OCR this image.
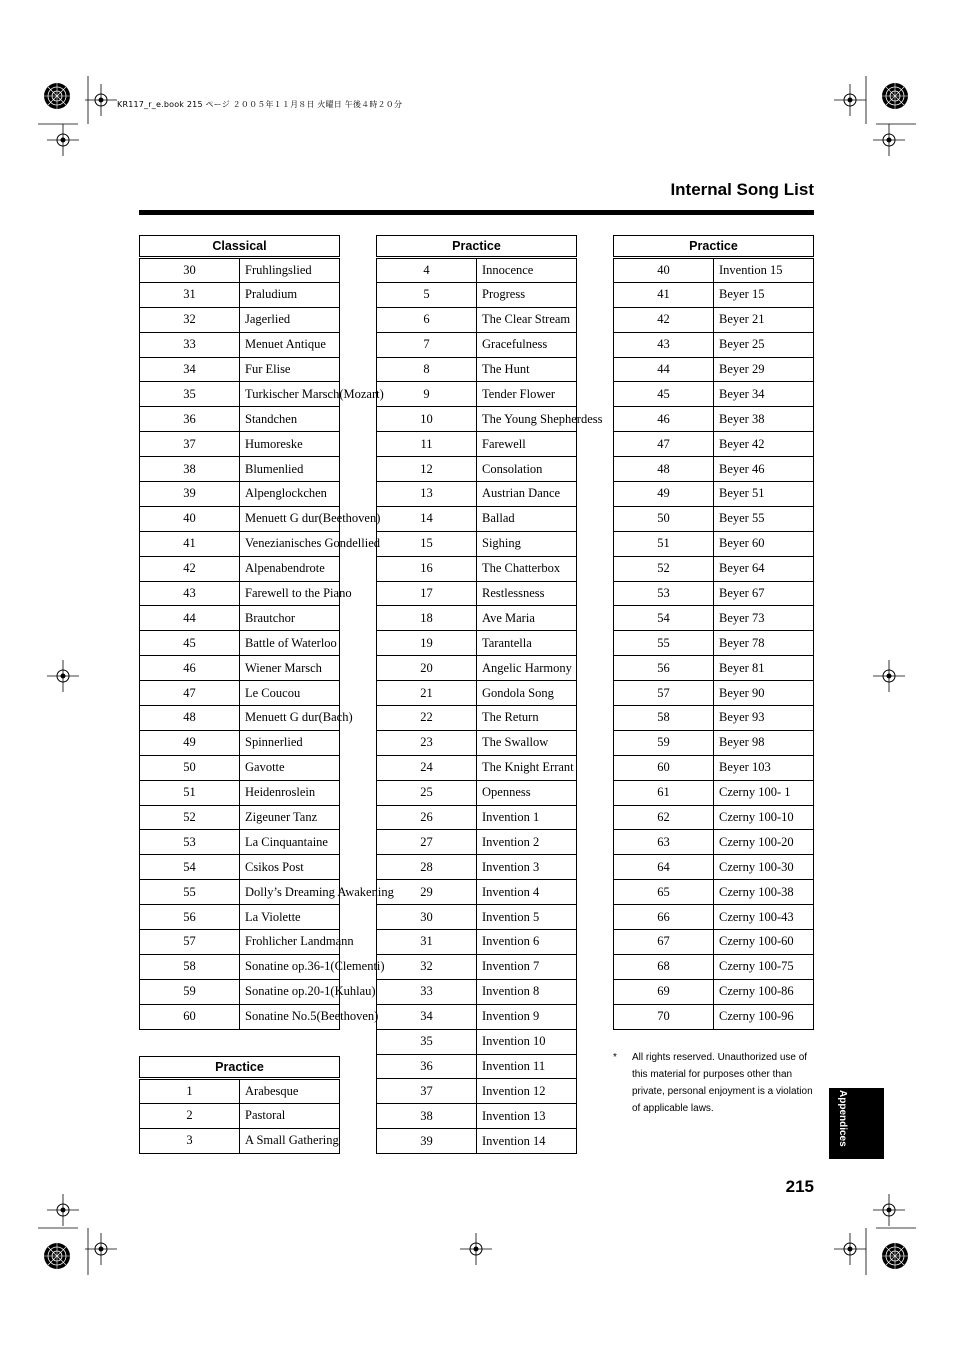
KR117_r_e.book 215 ページ ２００５年１１月８日 火曜日 午後４時２０分
Internal Song List
Classical	
30	Fruhlingslied
31	Praludium
32	Jagerlied
33	Menuet Antique
34	Fur Elise
35	Turkischer Marsch(Mozart)
36	Standchen
37	Humoreske
38	Blumenlied
39	Alpenglockchen
40	Menuett G dur(Beethoven)
41	Venezianisches Gondellied
42	Alpenabendrote
43	Farewell to the Piano
44	Brautchor
45	Battle of Waterloo
46	Wiener Marsch
47	Le Coucou
48	Menuett G dur(Bach)
49	Spinnerlied
50	Gavotte
51	Heidenroslein
52	Zigeuner Tanz
53	La Cinquantaine
54	Csikos Post
55	Dolly’s Dreaming Awakening
56	La Violette
57	Frohlicher Landmann
58	Sonatine op.36-1(Clementi)
59	Sonatine op.20-1(Kuhlau)
60	Sonatine No.5(Beethoven)
Practice	
1	Arabesque
2	Pastoral
3	A Small Gathering
Practice	
4	Innocence
5	Progress
6	The Clear Stream
7	Gracefulness
8	The Hunt
9	Tender Flower
10	The Young Shepherdess
11	Farewell
12	Consolation
13	Austrian Dance
14	Ballad
15	Sighing
16	The Chatterbox
17	Restlessness
18	Ave Maria
19	Tarantella
20	Angelic Harmony
21	Gondola Song
22	The Return
23	The Swallow
24	The Knight Errant
25	Openness
26	Invention 1
27	Invention 2
28	Invention 3
29	Invention 4
30	Invention 5
31	Invention 6
32	Invention 7
33	Invention 8
34	Invention 9
35	Invention 10
36	Invention 11
37	Invention 12
38	Invention 13
39	Invention 14
Practice	
40	Invention 15
41	Beyer 15
42	Beyer 21
43	Beyer 25
44	Beyer 29
45	Beyer 34
46	Beyer 38
47	Beyer 42
48	Beyer 46
49	Beyer 51
50	Beyer 55
51	Beyer 60
52	Beyer 64
53	Beyer 67
54	Beyer 73
55	Beyer 78
56	Beyer 81
57	Beyer 90
58	Beyer 93
59	Beyer 98
60	Beyer 103
61	Czerny 100- 1
62	Czerny 100-10
63	Czerny 100-20
64	Czerny 100-30
65	Czerny 100-38
66	Czerny 100-43
67	Czerny 100-60
68	Czerny 100-75
69	Czerny 100-86
70	Czerny 100-96
* All rights reserved. Unauthorized use of this material for purposes other than private, personal enjoyment is a violation of applicable laws.
215
Appendices
